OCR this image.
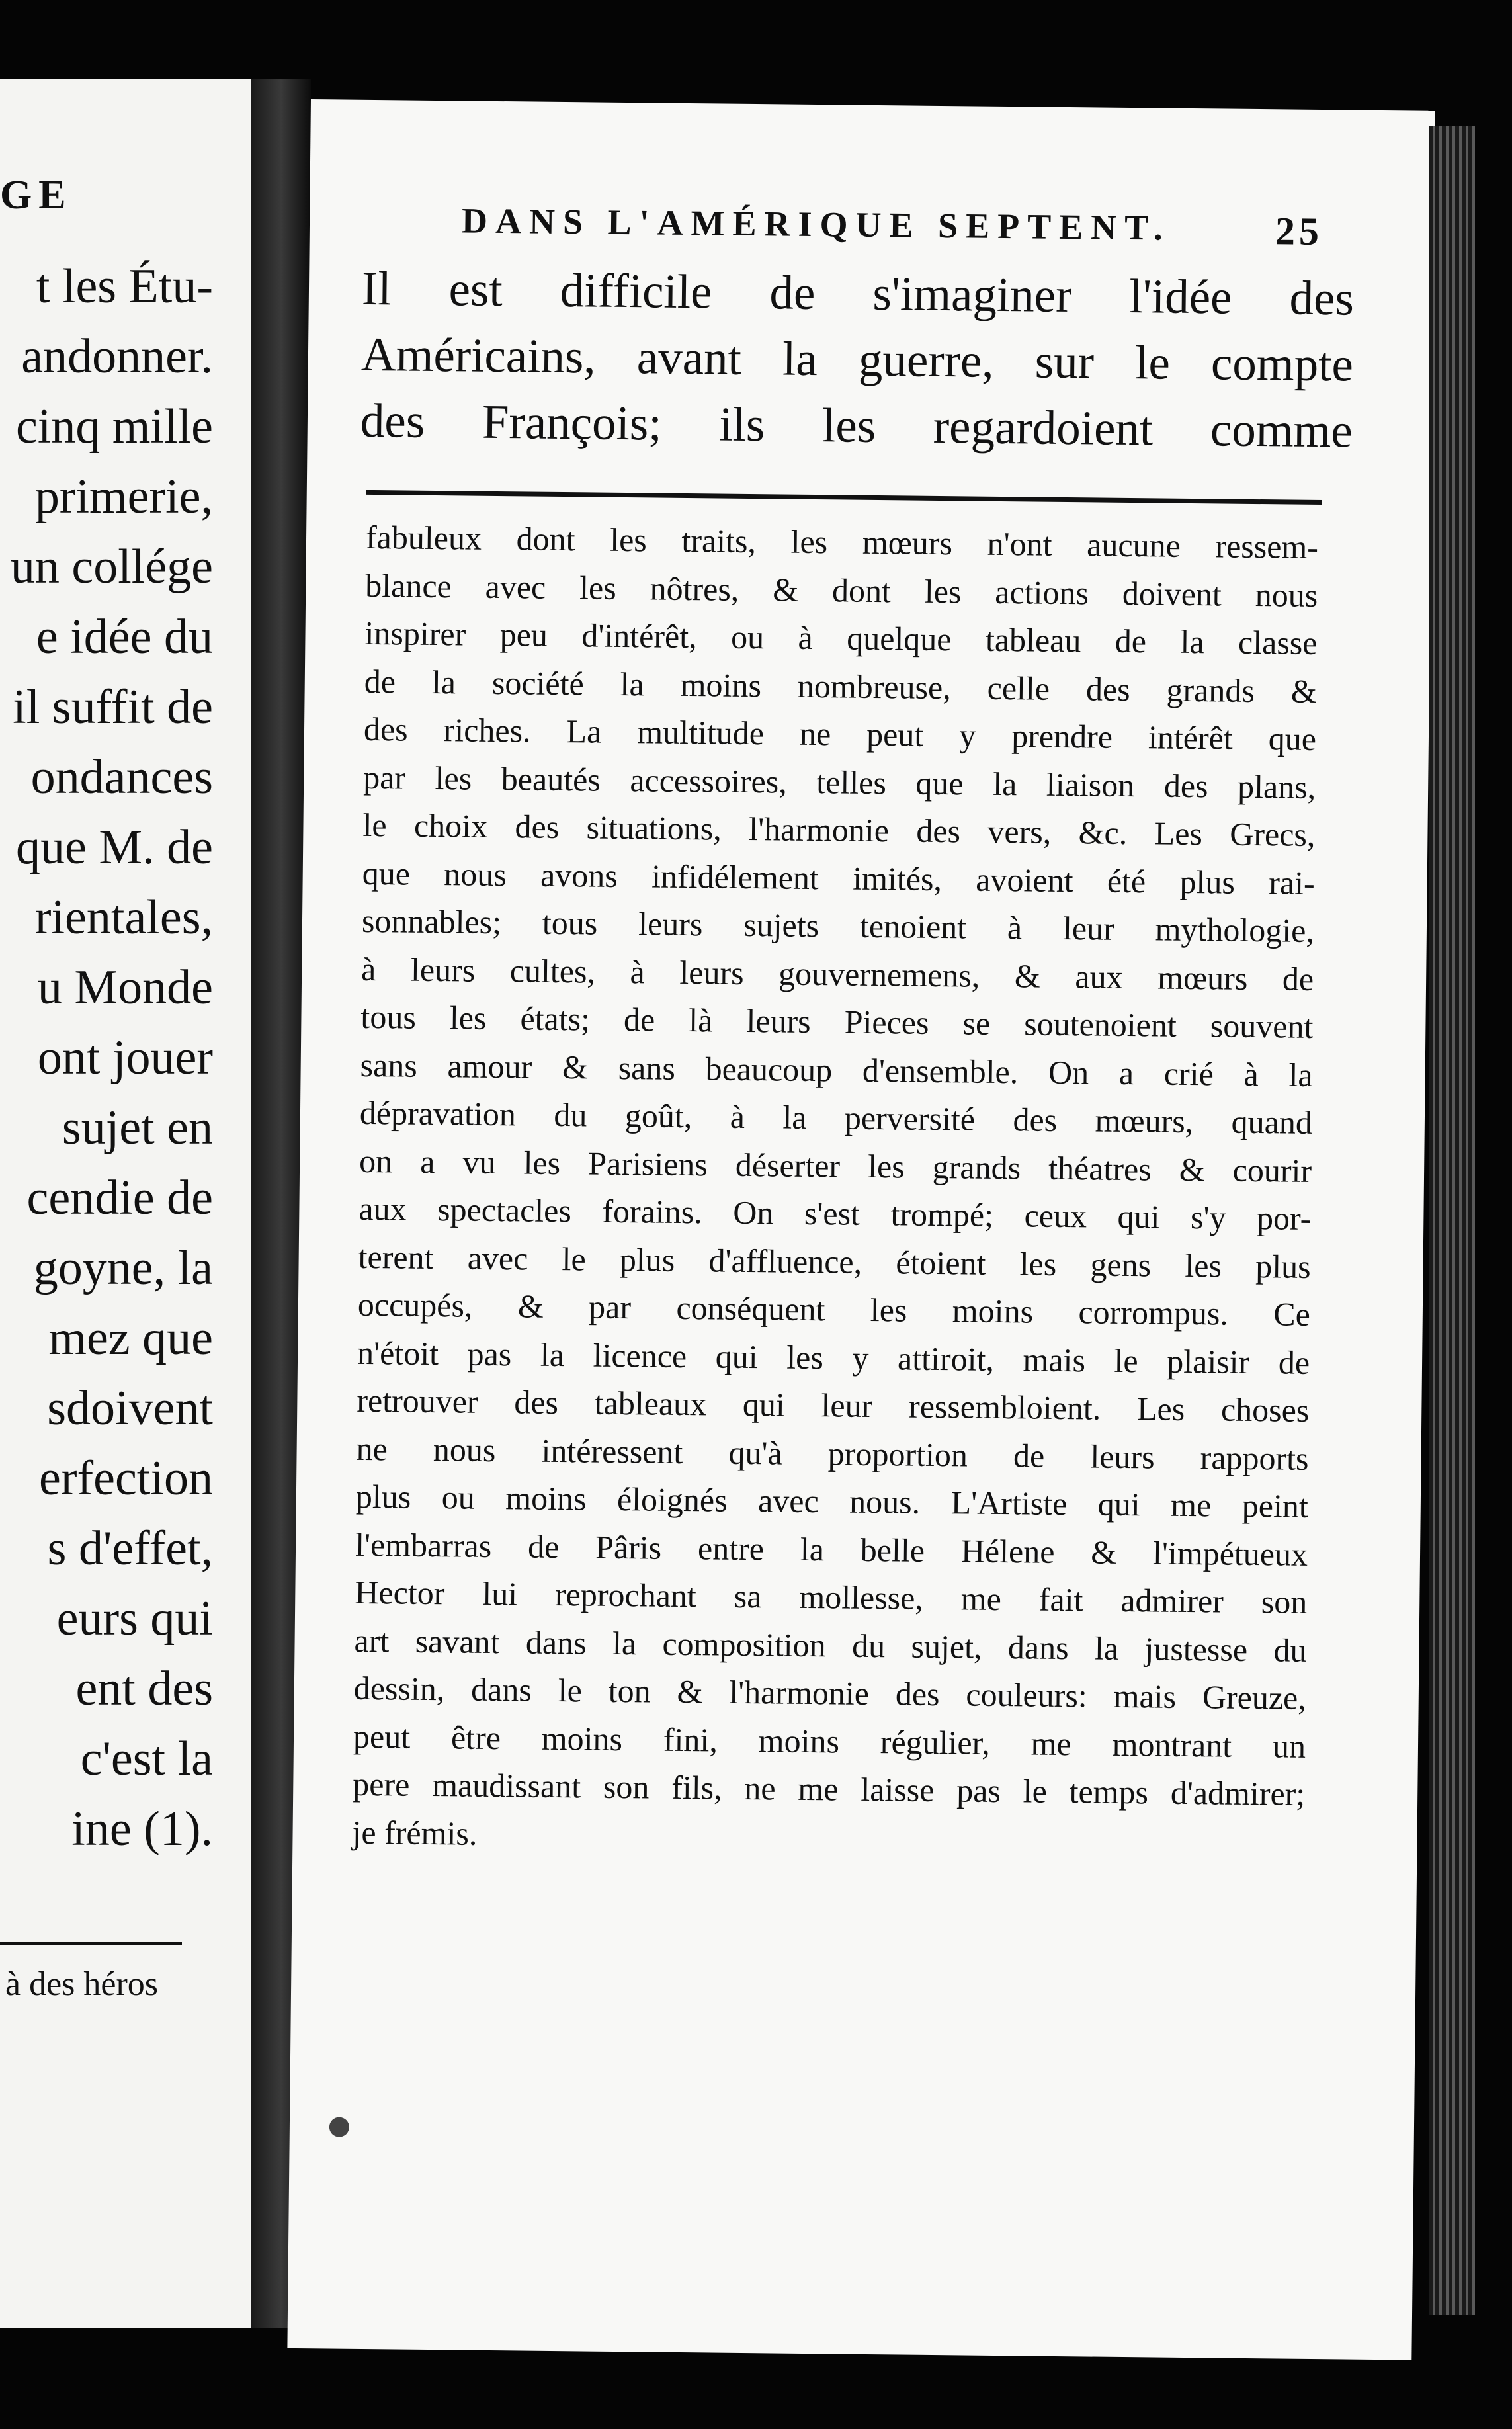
GE
t les Étu-
andonner.
cinq mille
primerie,
un collége
e idée du
il suffit de
ondances
que M. de
rientales,
u Monde
ont jouer
sujet en
cendie de
goyne, la
mez que
sdoivent
erfection
s d'effet,
eurs qui
ent des
c'est la
ine (1).
à des héros
DANS L'AMÉRIQUE SEPTENT.	25
Il est difficile de s'imaginer l'idée des
Américains, avant la guerre, sur le compte
des François; ils les regardoient comme
fabuleux dont les traits, les mœurs n'ont aucune ressem-
blance avec les nôtres, & dont les actions doivent nous
inspirer peu d'intérêt, ou à quelque tableau de la classe
de la société la moins nombreuse, celle des grands &
des riches. La multitude ne peut y prendre intérêt que
par les beautés accessoires, telles que la liaison des plans,
le choix des situations, l'harmonie des vers, &c. Les Grecs,
que nous avons infidélement imités, avoient été plus rai-
sonnables; tous leurs sujets tenoient à leur mythologie,
à leurs cultes, à leurs gouvernemens, & aux mœurs de
tous les états; de là leurs Pieces se soutenoient souvent
sans amour & sans beaucoup d'ensemble. On a crié à la
dépravation du goût, à la perversité des mœurs, quand
on a vu les Parisiens déserter les grands théatres & courir
aux spectacles forains. On s'est trompé; ceux qui s'y por-
terent avec le plus d'affluence, étoient les gens les plus
occupés, & par conséquent les moins corrompus. Ce
n'étoit pas la licence qui les y attiroit, mais le plaisir de
retrouver des tableaux qui leur ressembloient. Les choses
ne nous intéressent qu'à proportion de leurs rapports
plus ou moins éloignés avec nous. L'Artiste qui me peint
l'embarras de Pâris entre la belle Hélene & l'impétueux
Hector lui reprochant sa mollesse, me fait admirer son
art savant dans la composition du sujet, dans la justesse du
dessin, dans le ton & l'harmonie des couleurs: mais Greuze,
peut être moins fini, moins régulier, me montrant un
pere maudissant son fils, ne me laisse pas le temps d'admirer;
je frémis.
